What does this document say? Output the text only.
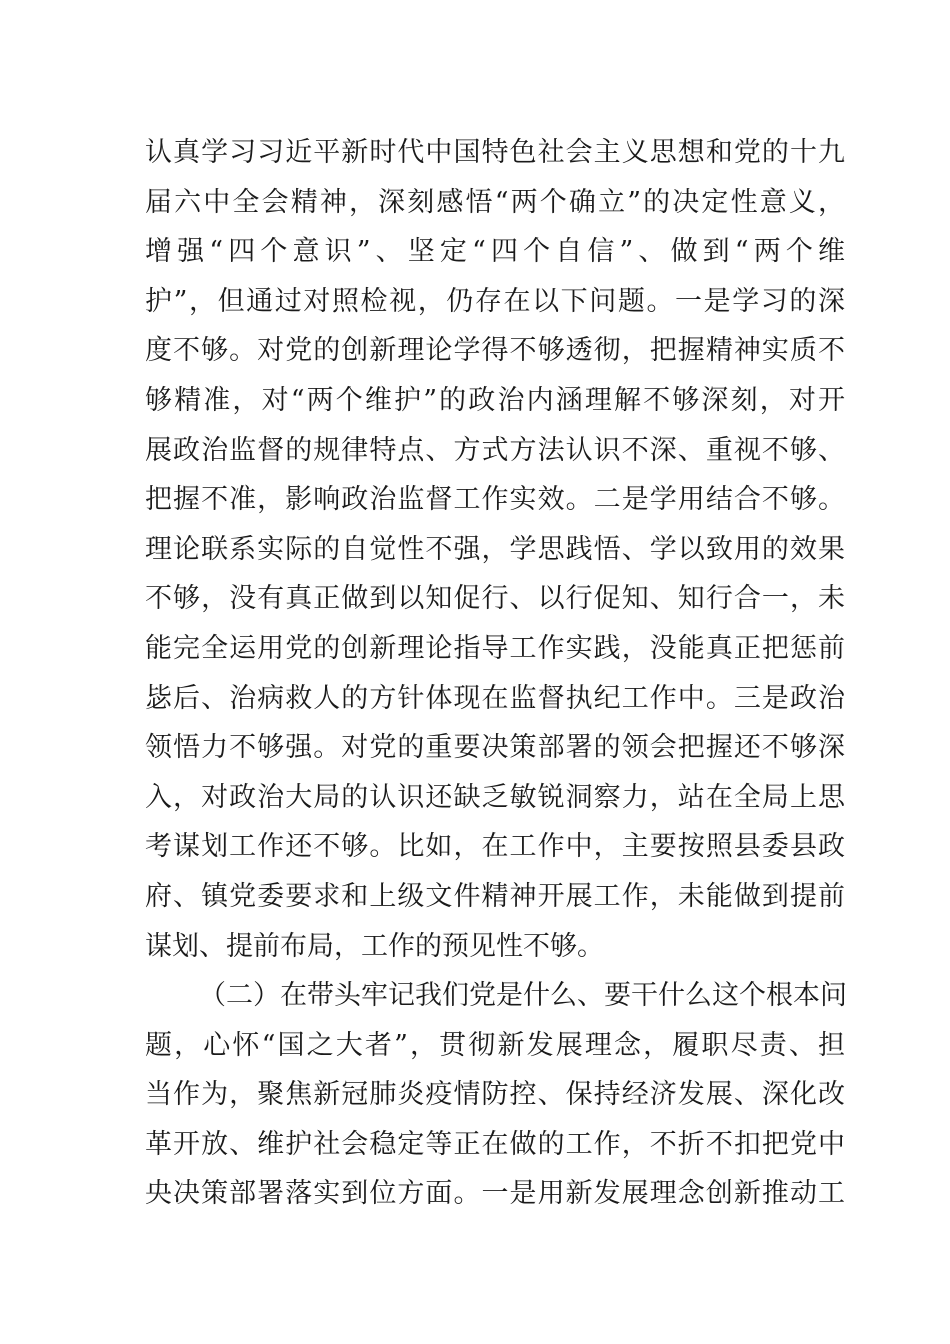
认真学习习近平新时代中国特色社会主义思想和党的十九
届六中全会精神，深刻感悟“两个确立”的决定性意义，
增强“四个意识”、坚定“四个自信”、做到“两个维
护”，但通过对照检视，仍存在以下问题。一是学习的深
度不够。对党的创新理论学得不够透彻，把握精神实质不
够精准，对“两个维护”的政治内涵理解不够深刻，对开
展政治监督的规律特点、方式方法认识不深、重视不够、
把握不准，影响政治监督工作实效。二是学用结合不够。
理论联系实际的自觉性不强，学思践悟、学以致用的效果
不够，没有真正做到以知促行、以行促知、知行合一，未
能完全运用党的创新理论指导工作实践，没能真正把惩前
毖后、治病救人的方针体现在监督执纪工作中。三是政治
领悟力不够强。对党的重要决策部署的领会把握还不够深
入，对政治大局的认识还缺乏敏锐洞察力，站在全局上思
考谋划工作还不够。比如，在工作中，主要按照县委县政
府、镇党委要求和上级文件精神开展工作，未能做到提前
谋划、提前布局，工作的预见性不够。
（二）在带头牢记我们党是什么、要干什么这个根本问
题，心怀“国之大者”，贯彻新发展理念，履职尽责、担
当作为，聚焦新冠肺炎疫情防控、保持经济发展、深化改
革开放、维护社会稳定等正在做的工作，不折不扣把党中
央决策部署落实到位方面。一是用新发展理念创新推动工
